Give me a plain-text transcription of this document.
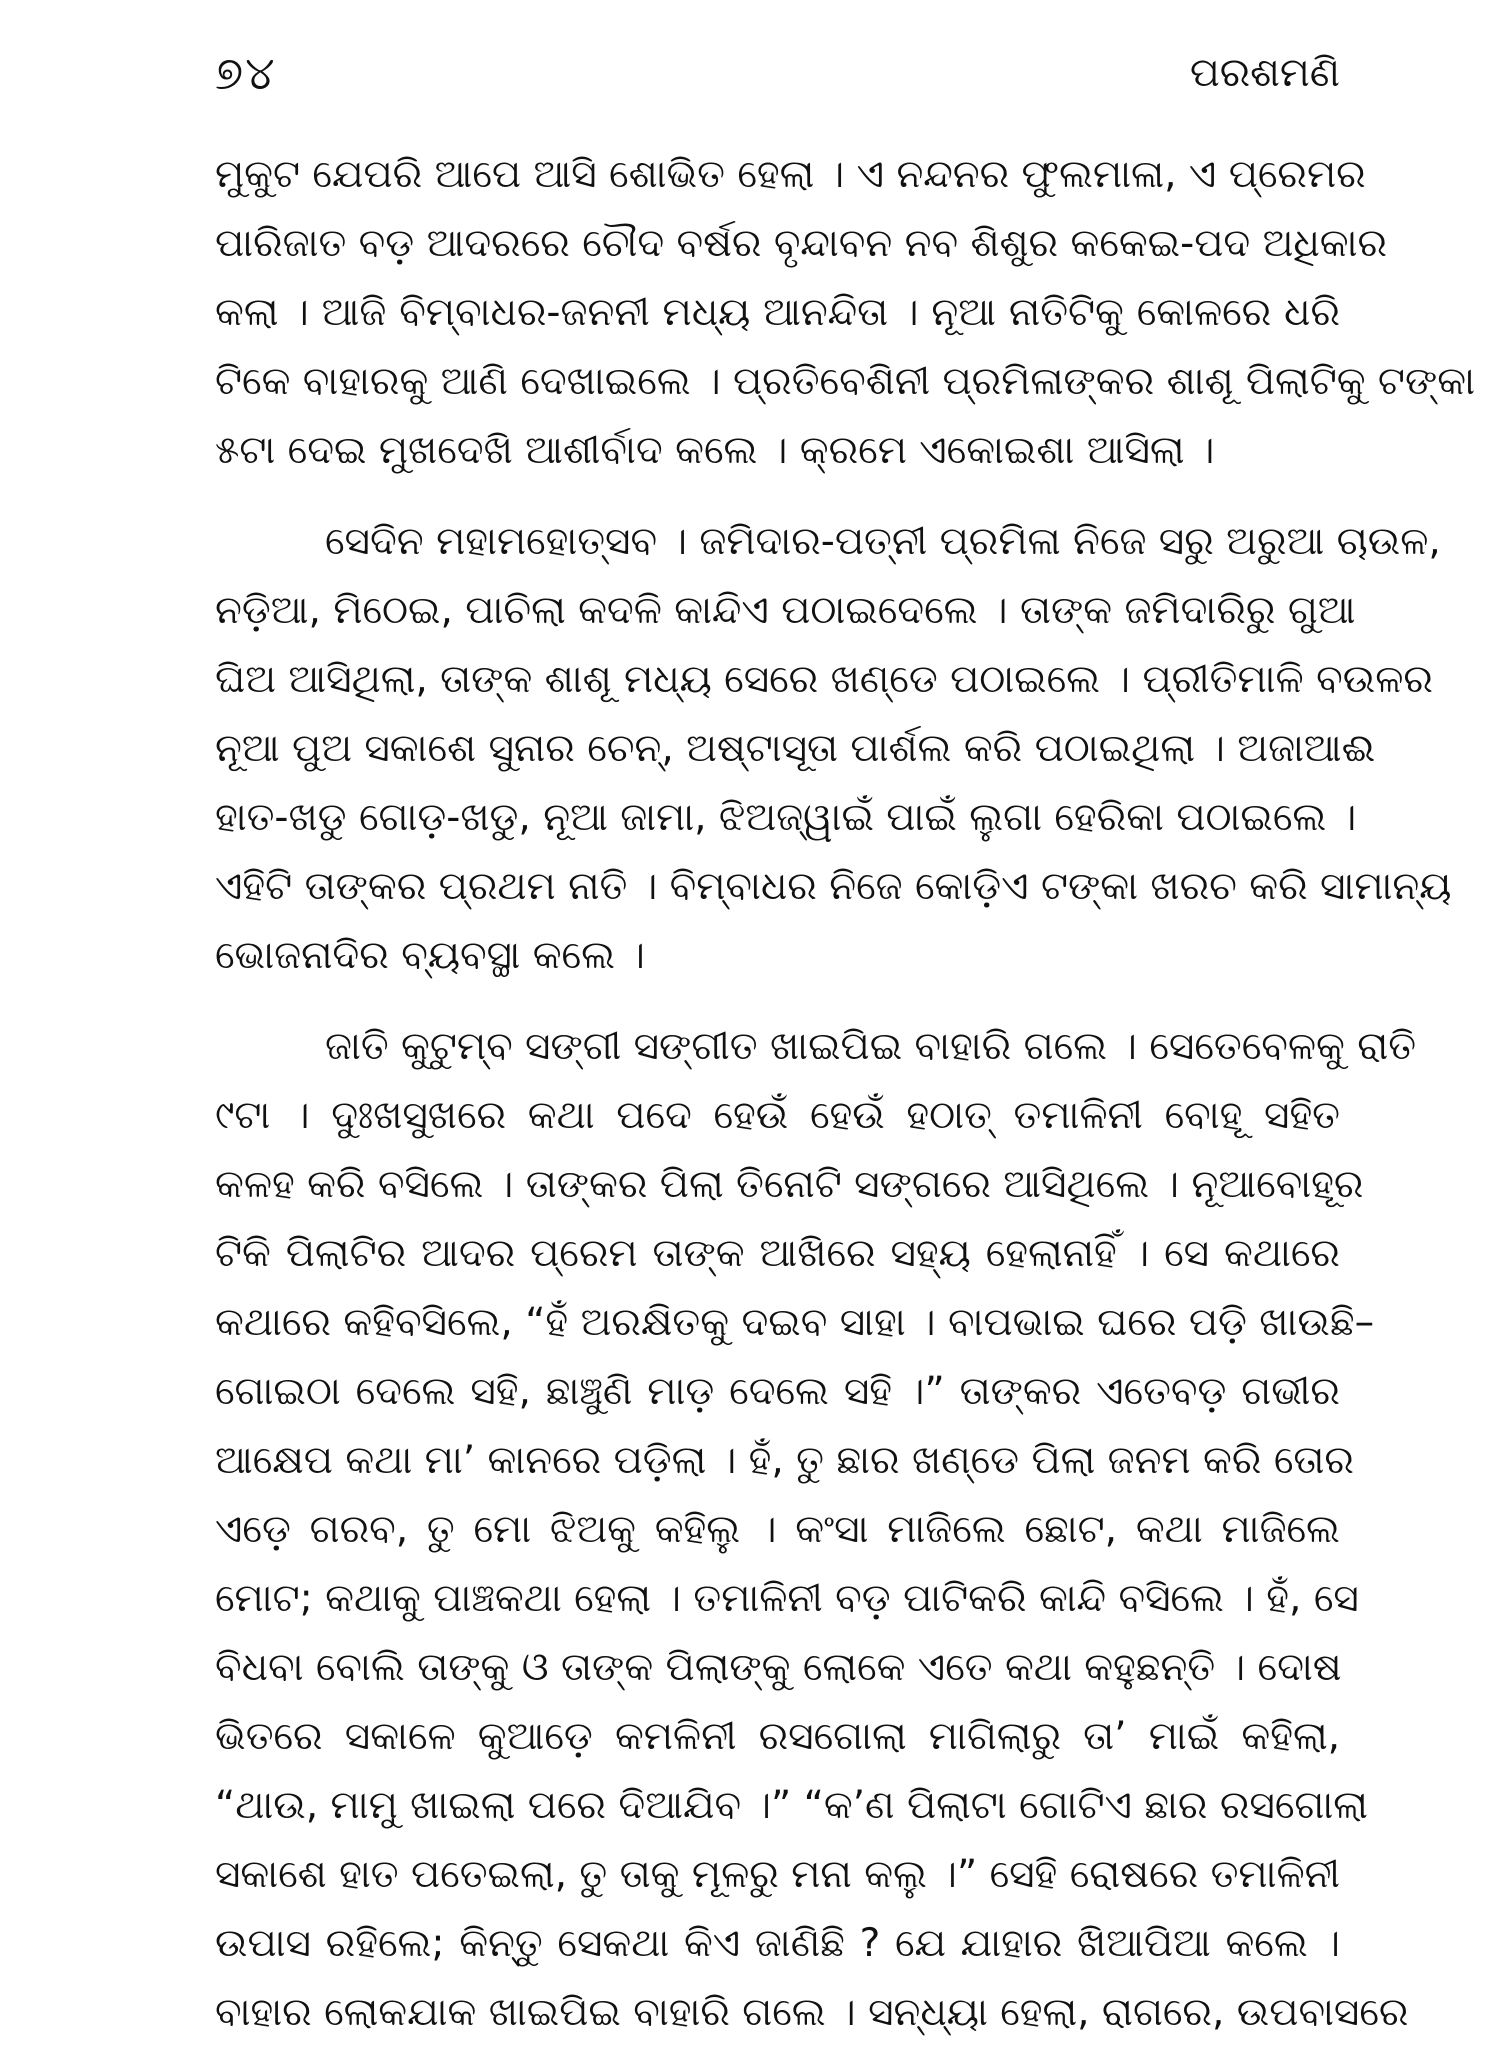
୭୪	ପରଶମଣି
ମୁକୁଟ ଯେପରି ଆପେ ଆସି ଶୋଭିତ ହେଲା । ଏ ନନ୍ଦନର ଫୁଲମାଳା, ଏ ପ୍ରେମର
ପାରିଜାତ ବଡ଼ ଆଦରରେ ଚୌଦ ବର୍ଷର ବୃନ୍ଦାବନ ନବ ଶିଶୁର କକେଇ-ପଦ ଅଧିକାର
କଲା । ଆଜି ବିମ୍ବାଧର-ଜନନୀ ମଧ୍ୟ ଆନନ୍ଦିତା । ନୂଆ ନାତିଟିକୁ କୋଳରେ ଧରି
ଟିକେ ବାହାରକୁ ଆଣି ଦେଖାଇଲେ । ପ୍ରତିବେଶିନୀ ପ୍ରମିଳାଙ୍କର ଶାଶୂ ପିଲାଟିକୁ ଟଙ୍କା
୫ଟା ଦେଇ ମୁଖଦେଖି ଆଶୀର୍ବାଦ କଲେ । କ୍ରମେ ଏକୋଇଶା ଆସିଲା ।
ସେଦିନ ମହାମହୋତ୍ସବ । ଜମିଦାର-ପତ୍ନୀ ପ୍ରମିଳା ନିଜେ ସରୁ ଅରୁଆ ଚାଉଳ,
ନଡ଼ିଆ, ମିଠେଇ, ପାଚିଲା କଦଳି କାନ୍ଦିଏ ପଠାଇଦେଲେ । ତାଙ୍କ ଜମିଦାରିରୁ ଗୁଆ
ଘିଅ ଆସିଥିଲା, ତାଙ୍କ ଶାଶୂ ମଧ୍ୟ ସେରେ ଖଣ୍ଡେ ପଠାଇଲେ । ପ୍ରୀତିମାଳି ବଉଳର
ନୂଆ ପୁଅ ସକାଶେ ସୁନାର ଚେନ୍, ଅଷ୍ଟାସୂତା ପାର୍ଶଲ କରି ପଠାଇଥିଲା । ଅଜାଆଈ
ହାତ-ଖଡୁ ଗୋଡ଼-ଖଡୁ, ନୂଆ ଜାମା, ଝିଅଜ୍ୱାଇଁ ପାଇଁ ଲୁଗା ହେରିକା ପଠାଇଲେ ।
ଏହିଟି ତାଙ୍କର ପ୍ରଥମ ନାତି । ବିମ୍ବାଧର ନିଜେ କୋଡ଼ିଏ ଟଙ୍କା ଖରଚ କରି ସାମାନ୍ୟ
ଭୋଜନାଦିର ବ୍ୟବସ୍ଥା କଲେ ।
ଜାତି କୁଟୁମ୍ବ ସଙ୍ଗୀ ସଙ୍ଗୀତ ଖାଇପିଇ ବାହାରି ଗଲେ । ସେତେବେଳକୁ ରାତି
୯ଟା । ଦୁଃଖସୁଖରେ କଥା ପଦେ ହେଉଁ ହେଉଁ ହଠାତ୍ ତମାଳିନୀ ବୋହୂ ସହିତ
କଳହ କରି ବସିଲେ । ତାଙ୍କର ପିଲା ତିନୋଟି ସଙ୍ଗରେ ଆସିଥିଲେ । ନୂଆବୋହୂର
ଟିକି ପିଲାଟିର ଆଦର ପ୍ରେମ ତାଙ୍କ ଆଖିରେ ସହ୍ୟ ହେଲାନାହିଁ । ସେ କଥାରେ
କଥାରେ କହିବସିଲେ, “ହଁ ଅରକ୍ଷିତକୁ ଦଇବ ସାହା । ବାପଭାଇ ଘରେ ପଡ଼ି ଖାଉଛି–
ଗୋଇଠା ଦେଲେ ସହି, ଛାଞ୍ଚୁଣି ମାଡ଼ ଦେଲେ ସହି ।” ତାଙ୍କର ଏତେବଡ଼ ଗଭୀର
ଆକ୍ଷେପ କଥା ମା’ କାନରେ ପଡ଼ିଲା । ହଁ, ତୁ ଛାର ଖଣ୍ଡେ ପିଲା ଜନମ କରି ତୋର
ଏଡ଼େ ଗରବ, ତୁ ମୋ ଝିଅକୁ କହିଲୁ । କଂସା ମାଜିଲେ ଛୋଟ, କଥା ମାଜିଲେ
ମୋଟ; କଥାକୁ ପାଞ୍ଚକଥା ହେଲା । ତମାଳିନୀ ବଡ଼ ପାଟିକରି କାନ୍ଦି ବସିଲେ । ହଁ, ସେ
ବିଧବା ବୋଲି ତାଙ୍କୁ ଓ ତାଙ୍କ ପିଲାଙ୍କୁ ଲୋକେ ଏତେ କଥା କହୁଛନ୍ତି । ଦୋଷ
ଭିତରେ ସକାଳେ କୁଆଡ଼େ କମଳିନୀ ରସଗୋଲା ମାଗିଲାରୁ ତା’ ମାଇଁ କହିଲା,
“ଥାଉ, ମାମୁ ଖାଇଲା ପରେ ଦିଆଯିବ ।” “କ’ଣ ପିଲାଟା ଗୋଟିଏ ଛାର ରସଗୋଲା
ସକାଶେ ହାତ ପତେଇଲା, ତୁ ତାକୁ ମୂଳରୁ ମନା କଲୁ ।” ସେହି ରୋଷରେ ତମାଳିନୀ
ଉପାସ ରହିଲେ; କିନ୍ତୁ ସେକଥା କିଏ ଜାଣିଛି ? ଯେ ଯାହାର ଖିଆପିଆ କଲେ ।
ବାହାର ଲୋକଯାକ ଖାଇପିଇ ବାହାରି ଗଲେ । ସନ୍ଧ୍ୟା ହେଲା, ରାଗରେ, ଉପବାସରେ
